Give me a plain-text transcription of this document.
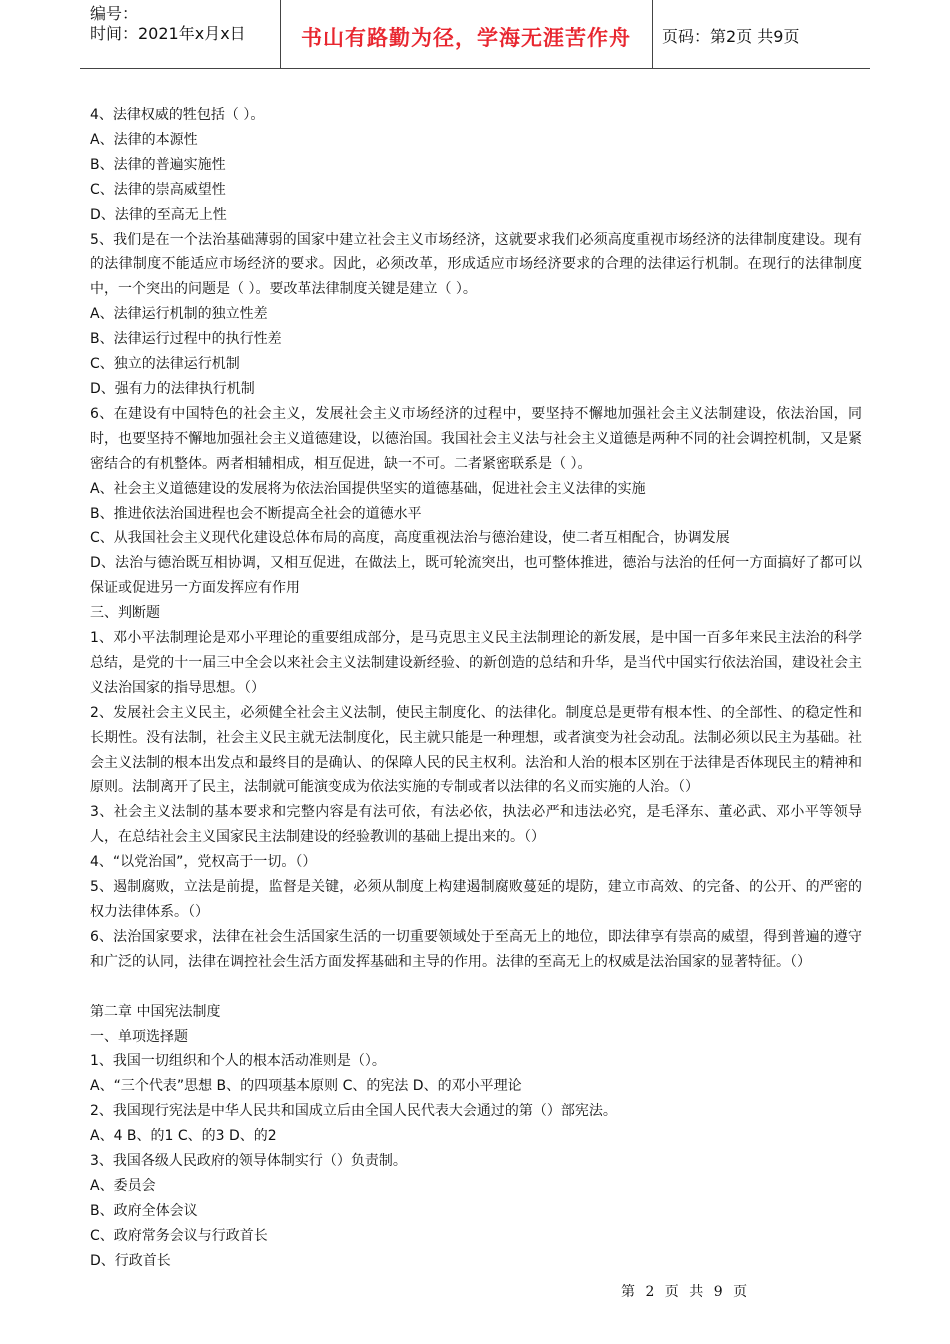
编号：
时间：2021年x月x日	书山有路勤为径，学海无涯苦作舟	页码：第2页 共9页

4、法律权威的牲包括（ ）。

A、法律的本源性

B、法律的普遍实施性

C、法律的崇高威望性

D、法律的至高无上性

5、我们是在一个法治基础薄弱的国家中建立社会主义市场经济，这就要求我们必须高度重视市场经济的法律制度建设。现有的法律制度不能适应市场经济的要求。因此，必须改革，形成适应市场经济要求的合理的法律运行机制。在现行的法律制度中，一个突出的问题是（ ）。要改革法律制度关键是建立（ ）。

A、法律运行机制的独立性差

B、法律运行过程中的执行性差

C、独立的法律运行机制

D、强有力的法律执行机制

6、在建设有中国特色的社会主义，发展社会主义市场经济的过程中，要坚持不懈地加强社会主义法制建设，依法治国，同时，也要坚持不懈地加强社会主义道德建设，以德治国。我国社会主义法与社会主义道德是两种不同的社会调控机制，又是紧密结合的有机整体。两者相辅相成，相互促进，缺一不可。二者紧密联系是（ ）。

A、社会主义道德建设的发展将为依法治国提供坚实的道德基础，促进社会主义法律的实施

B、推进依法治国进程也会不断提高全社会的道德水平

C、从我国社会主义现代化建设总体布局的高度，高度重视法治与德治建设，使二者互相配合，协调发展

D、法治与德治既互相协调，又相互促进，在做法上，既可轮流突出，也可整体推进，德治与法治的任何一方面搞好了都可以保证或促进另一方面发挥应有作用

三、判断题

1、邓小平法制理论是邓小平理论的重要组成部分，是马克思主义民主法制理论的新发展，是中国一百多年来民主法治的科学总结，是党的十一届三中全会以来社会主义法制建设新经验、的新创造的总结和升华，是当代中国实行依法治国，建设社会主义法治国家的指导思想。（）

2、发展社会主义民主，必须健全社会主义法制，使民主制度化、的法律化。制度总是更带有根本性、的全部性、的稳定性和长期性。没有法制，社会主义民主就无法制度化，民主就只能是一种理想，或者演变为社会动乱。法制必须以民主为基础。社会主义法制的根本出发点和最终目的是确认、的保障人民的民主权利。法治和人治的根本区别在于法律是否体现民主的精神和原则。法制离开了民主，法制就可能演变成为依法实施的专制或者以法律的名义而实施的人治。（）

3、社会主义法制的基本要求和完整内容是有法可依，有法必依，执法必严和违法必究，是毛泽东、董必武、邓小平等领导人，在总结社会主义国家民主法制建设的经验教训的基础上提出来的。（）

4、“以党治国”，党权高于一切。（）

5、遏制腐败，立法是前提，监督是关键，必须从制度上构建遏制腐败蔓延的堤防，建立市高效、的完备、的公开、的严密的权力法律体系。（）

6、法治国家要求，法律在社会生活国家生活的一切重要领域处于至高无上的地位，即法律享有崇高的威望，得到普遍的遵守和广泛的认同，法律在调控社会生活方面发挥基础和主导的作用。法律的至高无上的权威是法治国家的显著特征。（）

第二章 中国宪法制度

一、单项选择题

1、我国一切组织和个人的根本活动准则是（）。

A、“三个代表”思想 B、的四项基本原则 C、的宪法 D、的邓小平理论

2、我国现行宪法是中华人民共和国成立后由全国人民代表大会通过的第（）部宪法。

A、4 B、的1 C、的3 D、的2

3、我国各级人民政府的领导体制实行（）负责制。

A、委员会

B、政府全体会议

C、政府常务会议与行政首长

D、行政首长

第 2 页 共 9 页
